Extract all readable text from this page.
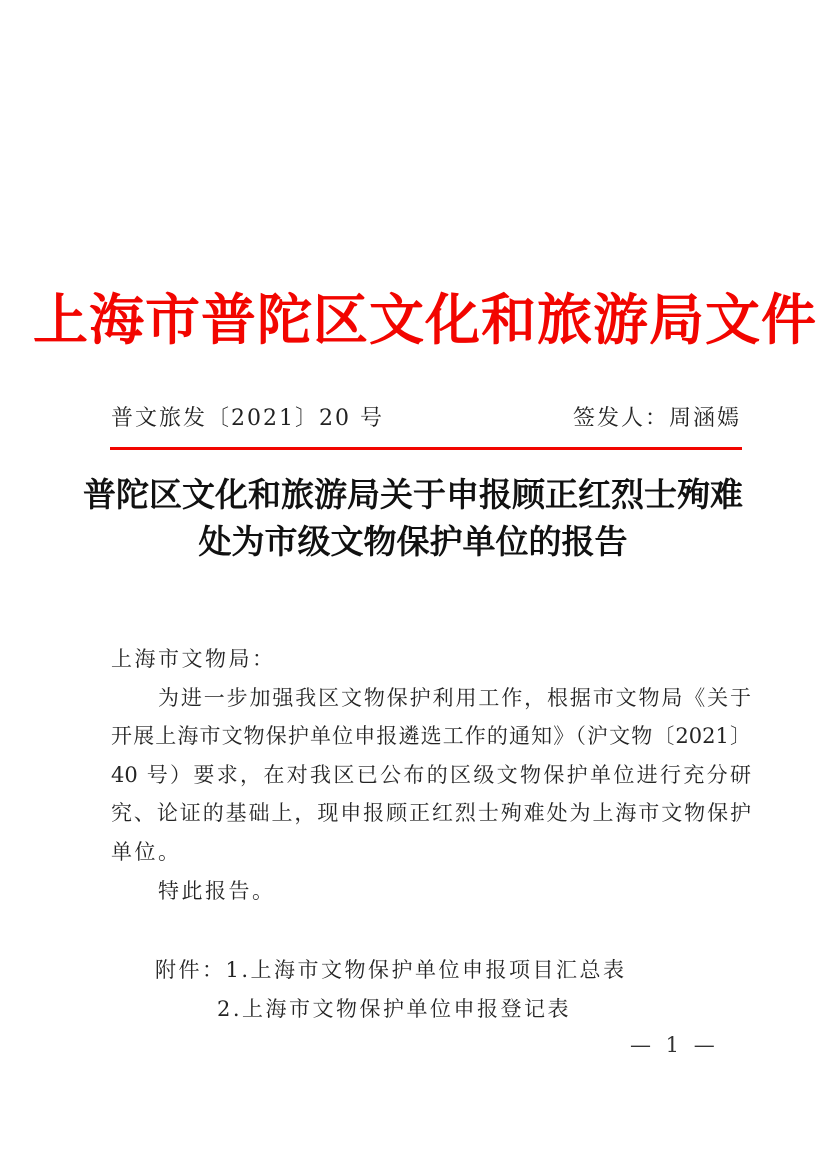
上海市普陀区文化和旅游局文件
普文旅发〔2021〕20 号	签发人：周涵嫣
普陀区文化和旅游局关于申报顾正红烈士殉难
处为市级文物保护单位的报告
上海市文物局：
为进一步加强我区文物保护利用工作，根据市文物局《关于
开展上海市文物保护单位申报遴选工作的通知》（沪文物〔2021〕
40 号）要求，在对我区已公布的区级文物保护单位进行充分研
究、论证的基础上，现申报顾正红烈士殉难处为上海市文物保护
单位。
特此报告。
附件：1.上海市文物保护单位申报项目汇总表
2.上海市文物保护单位申报登记表
— 1 —
